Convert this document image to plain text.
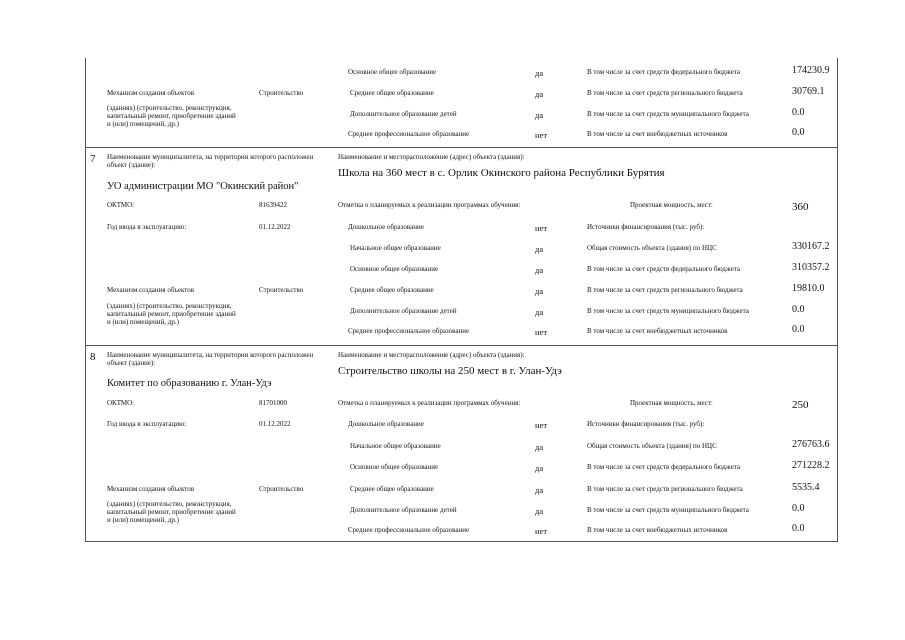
Основное общее образование	да	В том числе за счет средств федерального бюджета	174230.9
Механизм создания объектов	Строительство	Среднее общее образование	да	В том числе за счет средств регионального бюджета	30769.1
(зданиях) (строительство, реконструкция, капитальный ремонт, приобретение зданий и (или) помещений, др.)
Дополнительное образование детей	да	В том числе за счет средств муниципального бюджета	0.0
Среднее профессиональное образование	нет	В том числе за счет внебюджетных источников	0.0
7 Наименование муниципалитета, на территории которого расположен объект (здание):
Наименование и месторасположение (адрес) объекта (здания):
Школа на 360 мест в с. Орлик Окинского района Республики Бурятия
УО администрации МО "Окинский район"
ОКТМО:	81639422	Отметка о планируемых к реализации программах обучения:	Проектная мощность, мест:	360
Год ввода в эксплуатацию:	01.12.2022	Дошкольное образование	нет	Источники финансирования (тыс. руб):
Начальное общее образование	да	Общая стоимость объекта (здания) по НЦС	330167.2
Основное общее образование	да	В том числе за счет средств федерального бюджета	310357.2
Механизм создания объектов	Строительство	Среднее общее образование	да	В том числе за счет средств регионального бюджета	19810.0
(зданиях) (строительство, реконструкция, капитальный ремонт, приобретение зданий и (или) помещений, др.)
Дополнительное образование детей	да	В том числе за счет средств муниципального бюджета	0.0
Среднее профессиональное образование	нет	В том числе за счет внебюджетных источников	0.0
8 Наименование муниципалитета, на территории которого расположен объект (здание):
Наименование и месторасположение (адрес) объекта (здания):
Строительство школы на 250 мест в г. Улан-Удэ
Комитет по образованию г. Улан-Удэ
ОКТМО:	81701000	Отметка о планируемых к реализации программах обучения:	Проектная мощность, мест:	250
Год ввода в эксплуатацию:	01.12.2022	Дошкольное образование	нет	Источники финансирования (тыс. руб):
Начальное общее образование	да	Общая стоимость объекта (здания) по НЦС	276763.6
Основное общее образование	да	В том числе за счет средств федерального бюджета	271228.2
Механизм создания объектов	Строительство	Среднее общее образование	да	В том числе за счет средств регионального бюджета	5535.4
(зданиях) (строительство, реконструкция, капитальный ремонт, приобретение зданий и (или) помещений, др.)
Дополнительное образование детей	да	В том числе за счет средств муниципального бюджета	0.0
Среднее профессиональное образование	нет	В том числе за счет внебюджетных источников	0.0
